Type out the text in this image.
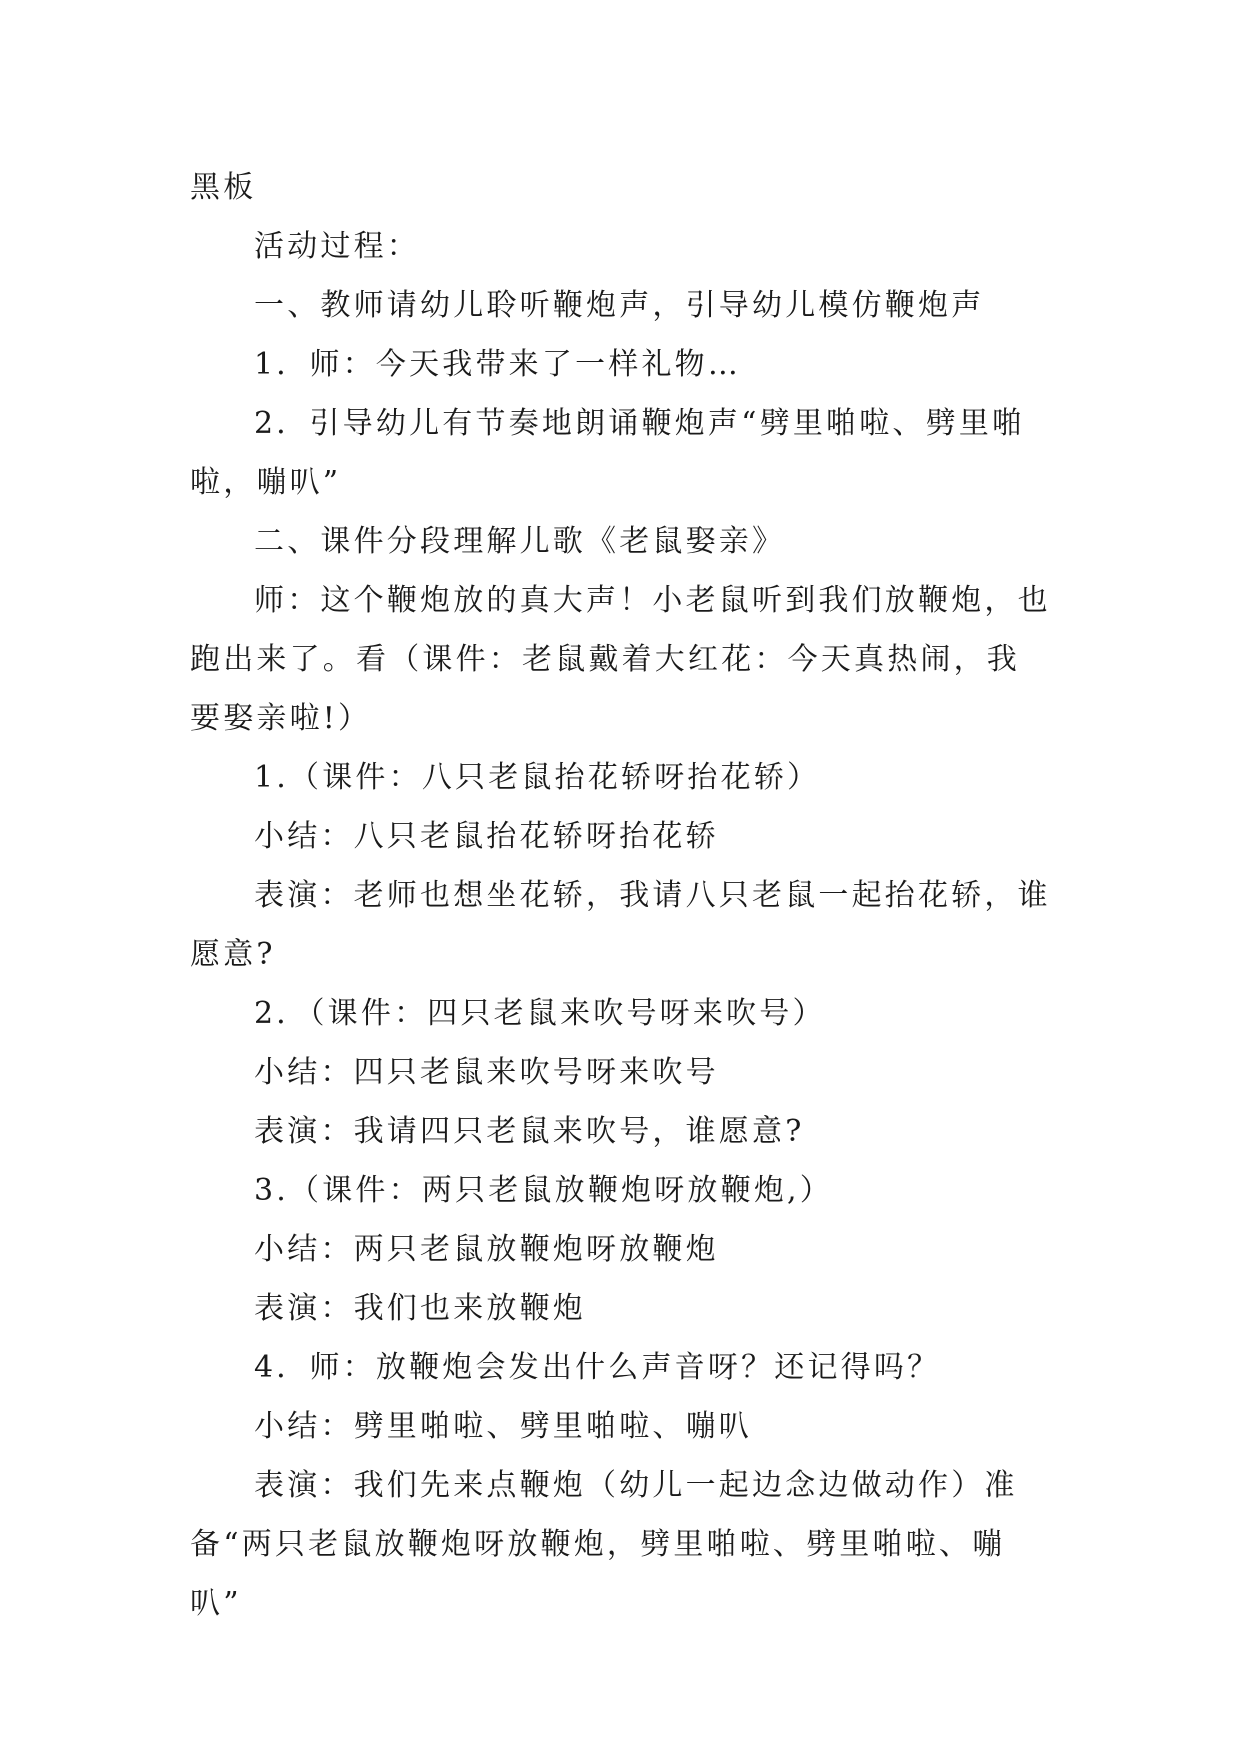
黑板

活动过程：

一、教师请幼儿聆听鞭炮声，引导幼儿模仿鞭炮声

1．师：今天我带来了一样礼物…

2．引导幼儿有节奏地朗诵鞭炮声“劈里啪啦、劈里啪啦，嘣叭”

二、课件分段理解儿歌《老鼠娶亲》

师：这个鞭炮放的真大声！小老鼠听到我们放鞭炮，也跑出来了。看（课件：老鼠戴着大红花：今天真热闹，我要娶亲啦!）

1.（课件：八只老鼠抬花轿呀抬花轿）

小结：八只老鼠抬花轿呀抬花轿

表演：老师也想坐花轿，我请八只老鼠一起抬花轿，谁愿意?

2．（课件：四只老鼠来吹号呀来吹号）

小结：四只老鼠来吹号呀来吹号

表演：我请四只老鼠来吹号，谁愿意?

3.（课件：两只老鼠放鞭炮呀放鞭炮,）

小结：两只老鼠放鞭炮呀放鞭炮

表演：我们也来放鞭炮

4．师：放鞭炮会发出什么声音呀？还记得吗？

小结：劈里啪啦、劈里啪啦、嘣叭

表演：我们先来点鞭炮（幼儿一起边念边做动作）准备“两只老鼠放鞭炮呀放鞭炮，劈里啪啦、劈里啪啦、嘣叭”
